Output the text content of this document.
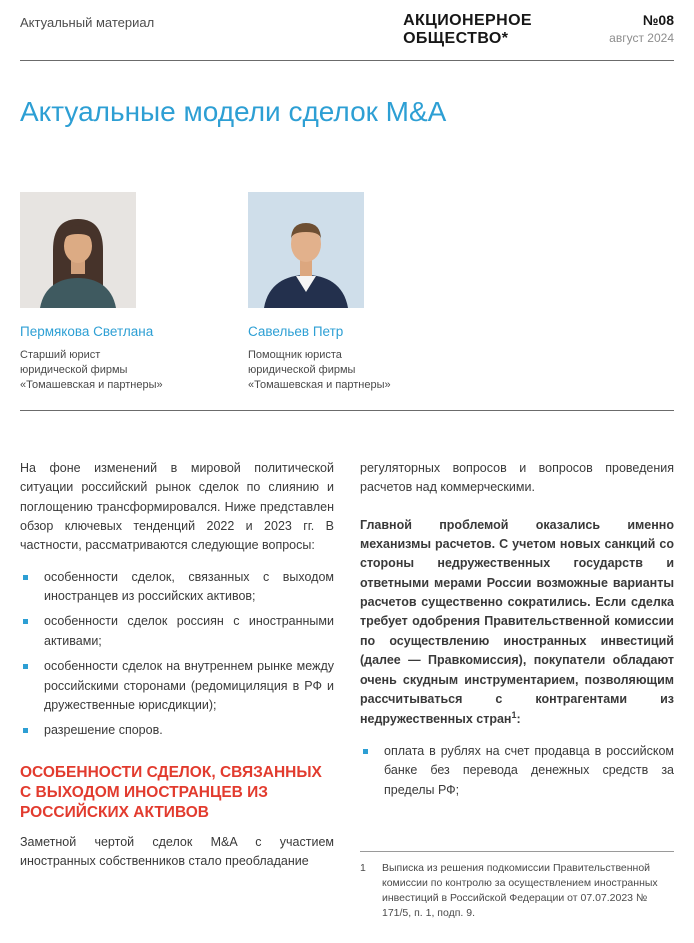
Актуальный материал	АКЦИОНЕРНОЕ
ОБЩЕСТВО*
№08
август 2024
Актуальные модели сделок M&A
Пермякова Светлана
Старший юрист
юридической фирмы
«Томашевская и партнеры»
Савельев Петр
Помощник юриста
юридической фирмы
«Томашевская и партнеры»

На фоне изменений в мировой политической ситуации российский рынок сделок по слиянию и поглощению трансформировался. Ниже представлен обзор ключевых тенденций 2022 и 2023 гг. В частности, рассматриваются следующие вопросы:

особенности сделок, связанных с выходом иностранцев из российских активов;
особенности сделок россиян с иностранными активами;
особенности сделок на внутреннем рынке между российскими сторонами (редомициляция в РФ и дружественные юрисдикции);
разрешение споров.
ОСОБЕННОСТИ СДЕЛОК, СВЯЗАННЫХ С ВЫХОДОМ ИНОСТРАНЦЕВ ИЗ РОССИЙСКИХ АКТИВОВ

Заметной чертой сделок M&A с участием иностранных собственников стало преобладание

регуляторных вопросов и вопросов проведения расчетов над коммерческими.

Главной проблемой оказались именно механизмы расчетов. С учетом новых санкций со стороны недружественных государств и ответными мерами России возможные варианты расчетов существенно сократились. Если сделка требует одобрения Правительственной комиссии по осуществлению иностранных инвестиций (далее — Правкомиссия), покупатели обладают очень скудным инструментарием, позволяющим рассчитываться с контрагентами из недружественных стран$^1$:

оплата в рублях на счет продавца в российском банке без перевода денежных средств за пределы РФ;
1	Выписка из решения подкомиссии Правительственной комиссии по контролю за осуществлением иностранных инвестиций в Российской Федерации от 07.07.2023 № 171/5, п. 1, подп. 9.
